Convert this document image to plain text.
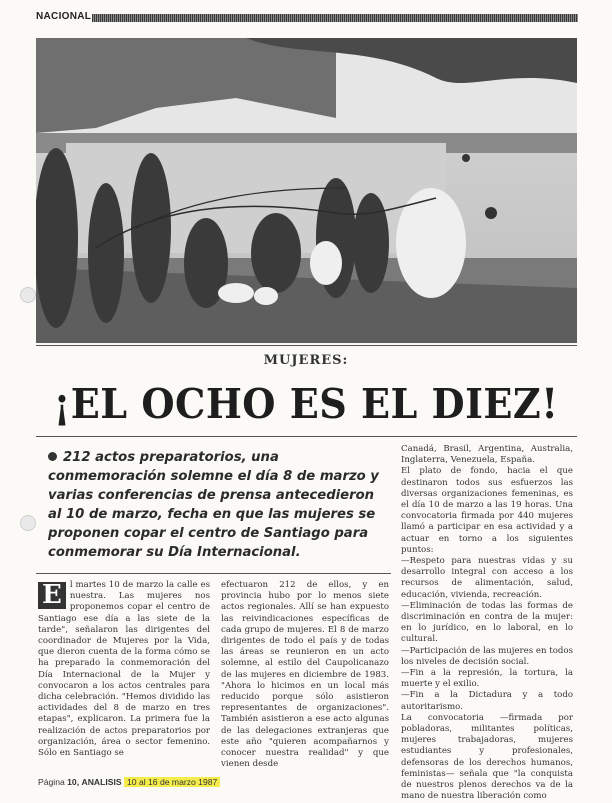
NACIONAL
MUJERES:
¡EL OCHO ES EL DIEZ!
212 actos preparatorios, una conmemoración solemne el día 8 de marzo y varias conferencias de prensa antecedieron al 10 de marzo, fecha en que las mujeres se proponen copar el centro de Santiago para conmemorar su Día Internacional.

E l martes 10 de marzo la calle es nuestra. Las mujeres nos proponemos copar el centro de Santiago ese día a las siete de la tarde", señalaron las dirigentes del coordinador de Mujeres por la Vida, que dieron cuenta de la forma cómo se ha preparado la conmemoración del Día Internacional de la Mujer y convocaron a los actos centrales para dicha celebración. "Hemos dividido las actividades del 8 de marzo en tres etapas", explicaron. La primera fue la realización de actos preparatorios por organización, área o sector femenino. Sólo en Santiago se

efectuaron 212 de ellos, y en provincia hubo por lo menos siete actos regionales. Allí se han expuesto las reivindicaciones específicas de cada grupo de mujeres. El 8 de marzo dirigentes de todo el país y de todas las áreas se reunieron en un acto solemne, al estilo del Caupolicanazo de las mujeres en diciembre de 1983. "Ahora lo hicimos en un local más reducido porque sólo asistieron representantes de organizaciones". También asistieron a ese acto algunas de las delegaciones extranjeras que este año "quieren acompañarnos y conocer nuestra realidad" y que vienen desde

Canadá, Brasil, Argentina, Australia, Inglaterra, Venezuela, España.

El plato de fondo, hacia el que destinaron todos sus esfuerzos las diversas organizaciones femeninas, es el día 10 de marzo a las 19 horas. Una convocatoria firmada por 440 mujeres llamó a participar en esa actividad y a actuar en torno a los siguientes puntos:

—Respeto para nuestras vidas y su desarrollo integral con acceso a los recursos de alimentación, salud, educación, vivienda, recreación.

—Eliminación de todas las formas de discriminación en contra de la mujer: en lo jurídico, en lo laboral, en lo cultural.

—Participación de las mujeres en todos los niveles de decisión social.

—Fin a la represión, la tortura, la muerte y el exilio.

—Fin a la Dictadura y a todo autoritarismo.

La convocatoria —firmada por pobladoras, militantes políticas, mujeres trabajadoras, mujeres estudiantes y profesionales, defensoras de los derechos humanos, feministas— señala que "la conquista de nuestros plenos derechos va de la mano de nuestra liberación como

Página 10, ANALISIS 10 al 16 de marzo 1987
